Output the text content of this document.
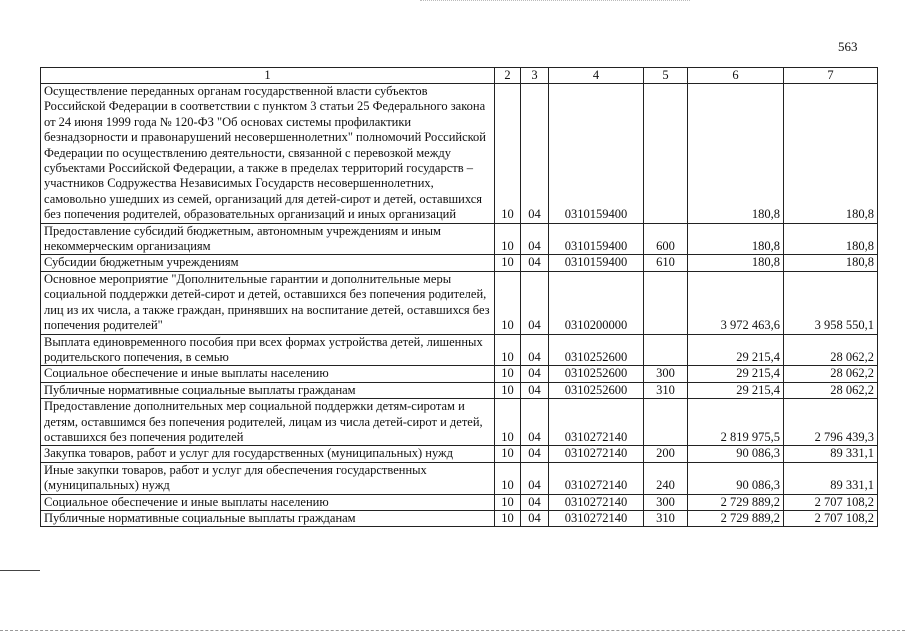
563
1	2	3	4	5	6	7
Осуществление переданных органам государственной власти субъектов Российской Федерации в соответствии с пунктом 3 статьи 25 Федерального закона от 24 июня 1999 года № 120-ФЗ "Об основах системы профилактики безнадзорности и правонарушений несовершеннолетних" полномочий Российской Федерации по осуществлению деятельности, связанной с перевозкой между субъектами Российской Федерации, а также в пределах территорий государств – участников Содружества Независимых Государств несовершеннолетних, самовольно ушедших из семей, организаций для детей-сирот и детей, оставшихся без попечения родителей, образовательных организаций и иных организаций	10	04	0310159400		180,8	180,8
Предоставление субсидий бюджетным, автономным учреждениям и иным некоммерческим организациям	10	04	0310159400	600	180,8	180,8
Субсидии бюджетным учреждениям	10	04	0310159400	610	180,8	180,8
Основное мероприятие "Дополнительные гарантии и дополнительные меры социальной поддержки детей-сирот и детей, оставшихся без попечения родителей, лиц из их числа, а также граждан, принявших на воспитание детей, оставшихся без попечения родителей"	10	04	0310200000		3 972 463,6	3 958 550,1
Выплата единовременного пособия при всех формах устройства детей, лишенных родительского попечения, в семью	10	04	0310252600		29 215,4	28 062,2
Социальное обеспечение и иные выплаты населению	10	04	0310252600	300	29 215,4	28 062,2
Публичные нормативные социальные выплаты гражданам	10	04	0310252600	310	29 215,4	28 062,2
Предоставление дополнительных мер социальной поддержки детям-сиротам и детям, оставшимся без попечения родителей, лицам из числа детей-сирот и детей, оставшихся без попечения родителей	10	04	0310272140		2 819 975,5	2 796 439,3
Закупка товаров, работ и услуг для государственных (муниципальных) нужд	10	04	0310272140	200	90 086,3	89 331,1
Иные закупки товаров, работ и услуг для обеспечения государственных (муниципальных) нужд	10	04	0310272140	240	90 086,3	89 331,1
Социальное обеспечение и иные выплаты населению	10	04	0310272140	300	2 729 889,2	2 707 108,2
Публичные нормативные социальные выплаты гражданам	10	04	0310272140	310	2 729 889,2	2 707 108,2
